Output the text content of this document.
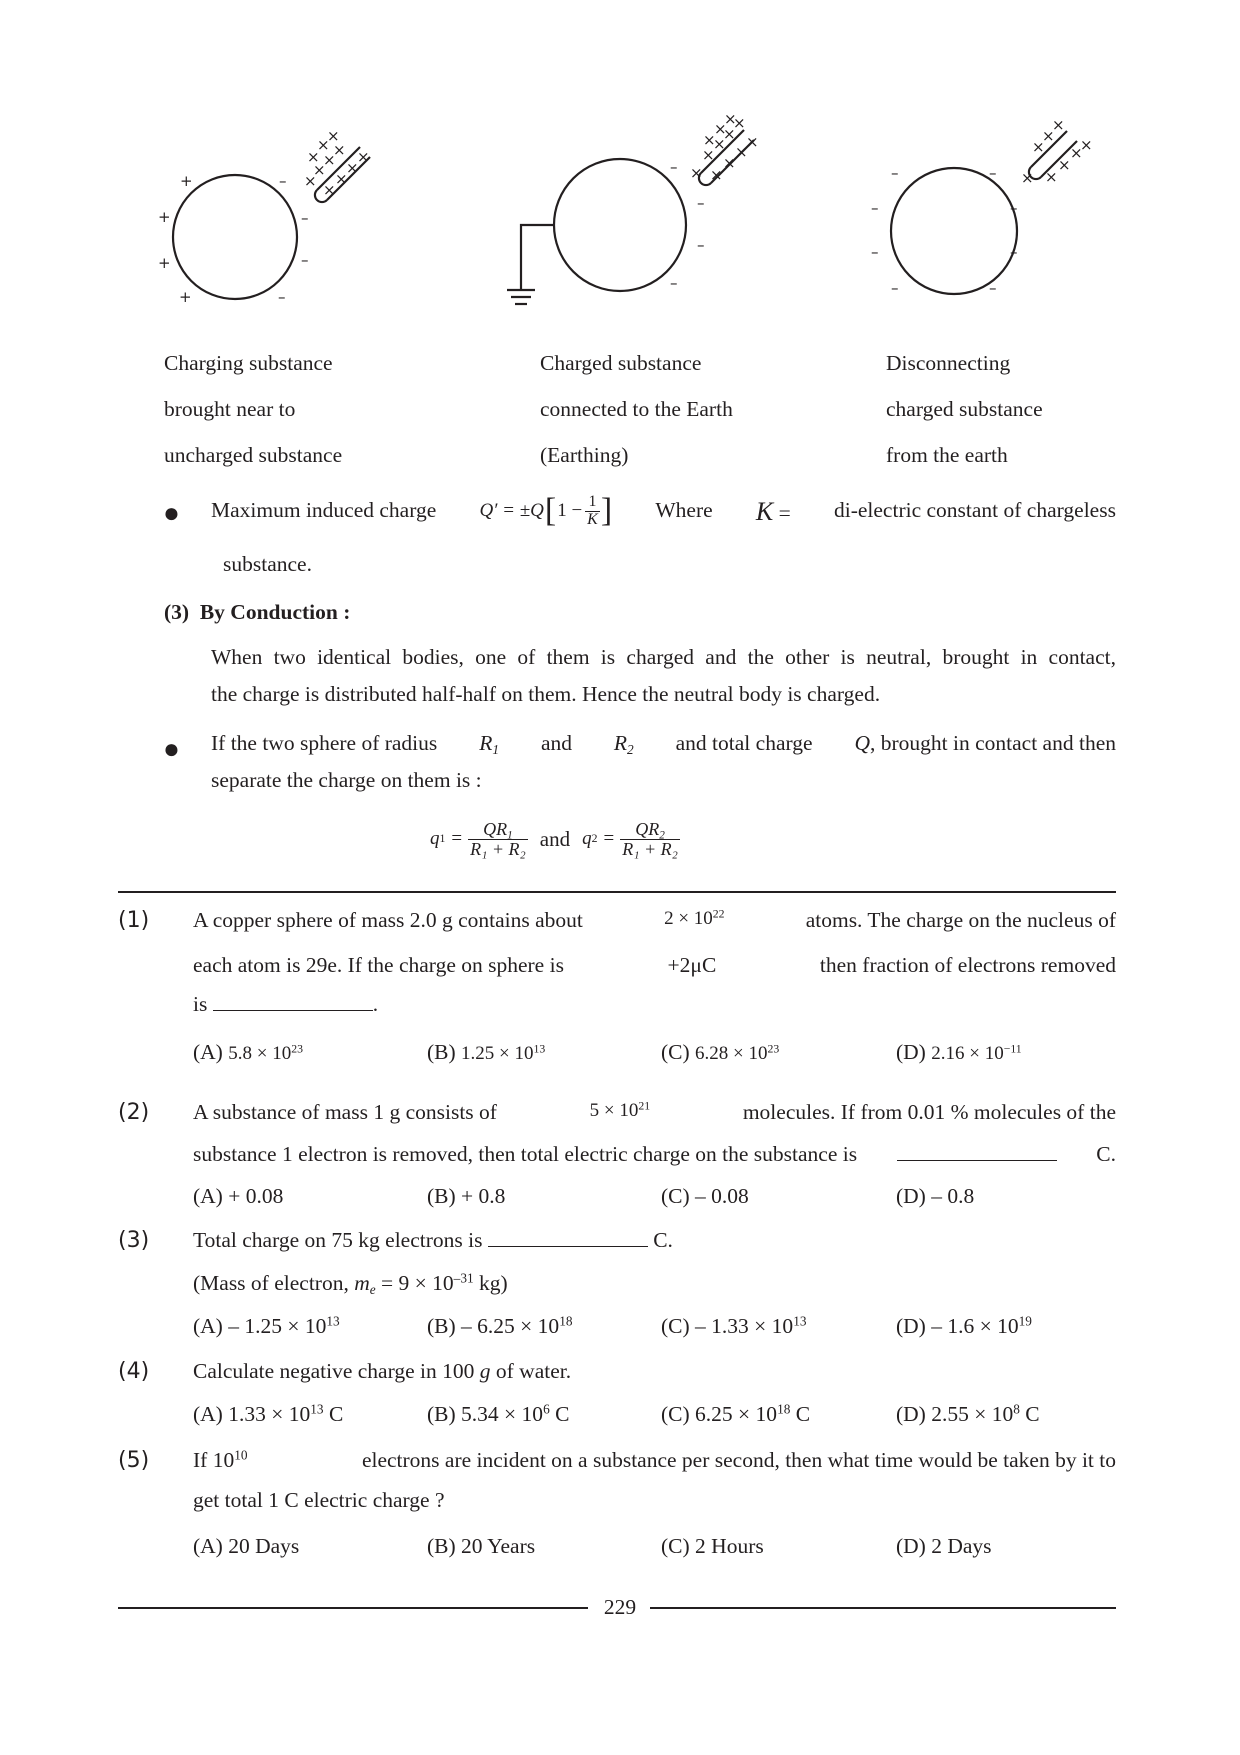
+
+
+
+
–
–
–
–
×
×
×
×
×
×
×
×
×
×
×
–
–
–
–
×
×
×
×
×
×
×
×
×
×
×
×
–
–
–
–
–
–
–
–
×
×
×
×
×
×
×
×
Charging substance
brought near to
uncharged substance
Charged substance
connected to the Earth
(Earthing)
Disconnecting
charged substance
from the earth
● Maximum induced charge Q′ = ±Q [ $1 - \frac{1}{K}$ ] Where K = di-electric constant of chargeless
substance.
(3) By Conduction :
When two identical bodies, one of them is charged and the other is neutral, brought in contact,
the charge is distributed half-half on them. Hence the neutral body is charged.
● If the two sphere of radius $R_1$ and $R_2$ and total charge Q, brought in contact and then
separate the charge on them is :
q $1 = \frac{QR_1}{\text{R₁ + R₂}}$ and q $2 = \frac{QR_2}{\text{R₁ + R₂}}$
(1) A copper sphere of mass 2.0 g contains about	$2 \times 10^{22}$	atoms. The charge on the nucleus of
each atom is 29e. If the charge on sphere is	+2μC	then fraction of electrons removed
is	.
(A) $5.8 \times 10^{23}$	(B) $1.25 \times 10^{13}$	(C) $6.28 \times 10^{23}$	(D) $2.16 \times 10^{-11}$
(2) A substance of mass 1 g consists of	$5 \times 10^{21}$	molecules. If from 0.01 % molecules of the
substance 1 electron is removed, then total electric charge on the substance is	C.
(A) + 0.08	(B) + 0.8	(C) – 0.08	(D) – 0.8
(3) Total charge on 75 kg electrons is	C.
(Mass of electron, $m_e = 9 \times 10^{-31}$ kg)
$(A) - 1.25 \times 10^{13}$	$(B) - 6.25 \times 10^{18}$	$(C) - 1.33 \times 10^{13}$	$(D) - 1.6 \times 10^{19}$
(4) Calculate negative charge in 100 g of water.
(A) $1.33 \times 10^{13}$ C	(B) $5.34 \times 10^6$ C	(C) $6.25 \times 10^{18}$ C	(D) $2.55 \times 10^8$ C
(5) If $10^{10}$	electrons are incident on a substance per second, then what time would be taken by it to
get total 1 C electric charge ?
(A) 20 Days	(B) 20 Years	(C) 2 Hours	(D) 2 Days
229
